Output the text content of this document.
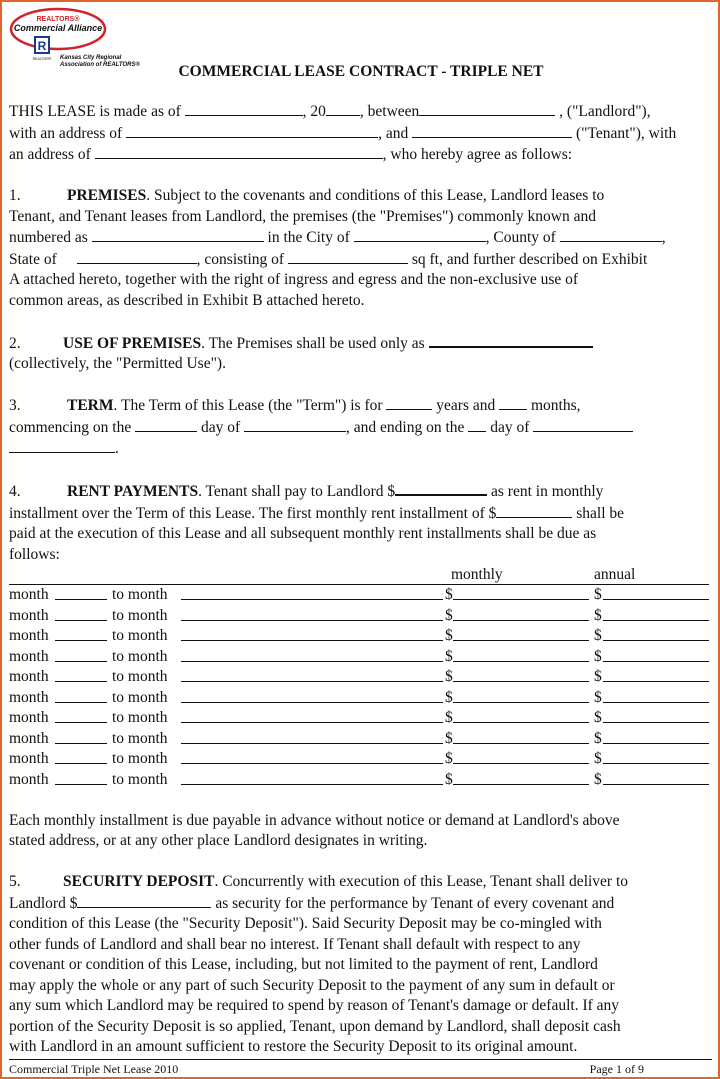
REALTORS®
Commercial Alliance
R
REALTOR® Kansas City Regional
Association of REALTORS®	COMMERCIAL LEASE CONTRACT - TRIPLE NET
THIS LEASE is made as of	, 20 , between	, ("Landlord"),
with an address of	, and	("Tenant"), with
an address of	, who hereby agree as follows:
1.	PREMISES. Subject to the covenants and conditions of this Lease, Landlord leases to
Tenant, and Tenant leases from Landlord, the premises (the "Premises") commonly known and
numbered as	in the City of	, County of	,
State of	, consisting of	sq ft, and further described on Exhibit
A attached hereto, together with the right of ingress and egress and the non-exclusive use of
common areas, as described in Exhibit B attached hereto.
2.	USE OF PREMISES. The Premises shall be used only as
(collectively, the "Permitted Use").
3.	TERM. The Term of this Lease (the "Term") is for	years and months,
commencing on the	day of	, and ending on the day of
.
4.	RENT PAYMENTS. Tenant shall pay to Landlord $	as rent in monthly
installment over the Term of this Lease. The first monthly rent installment of $	shall be
paid at the execution of this Lease and all subsequent monthly rent installments shall be due as
follows:
monthly	annual
month	to month	$	$
month	to month	$	$
month	to month	$	$
month	to month	$	$
month	to month	$	$
month	to month	$	$
month	to month	$	$
month	to month	$	$
month	to month	$	$
month	to month	$	$
Each monthly installment is due payable in advance without notice or demand at Landlord's above
stated address, or at any other place Landlord designates in writing.
5.	SECURITY DEPOSIT. Concurrently with execution of this Lease, Tenant shall deliver to
Landlord $	as security for the performance by Tenant of every covenant and
condition of this Lease (the "Security Deposit"). Said Security Deposit may be co-mingled with
other funds of Landlord and shall bear no interest. If Tenant shall default with respect to any
covenant or condition of this Lease, including, but not limited to the payment of rent, Landlord
may apply the whole or any part of such Security Deposit to the payment of any sum in default or
any sum which Landlord may be required to spend by reason of Tenant's damage or default. If any
portion of the Security Deposit is so applied, Tenant, upon demand by Landlord, shall deposit cash
with Landlord in an amount sufficient to restore the Security Deposit to its original amount.
Commercial Triple Net Lease 2010	Page 1 of 9
